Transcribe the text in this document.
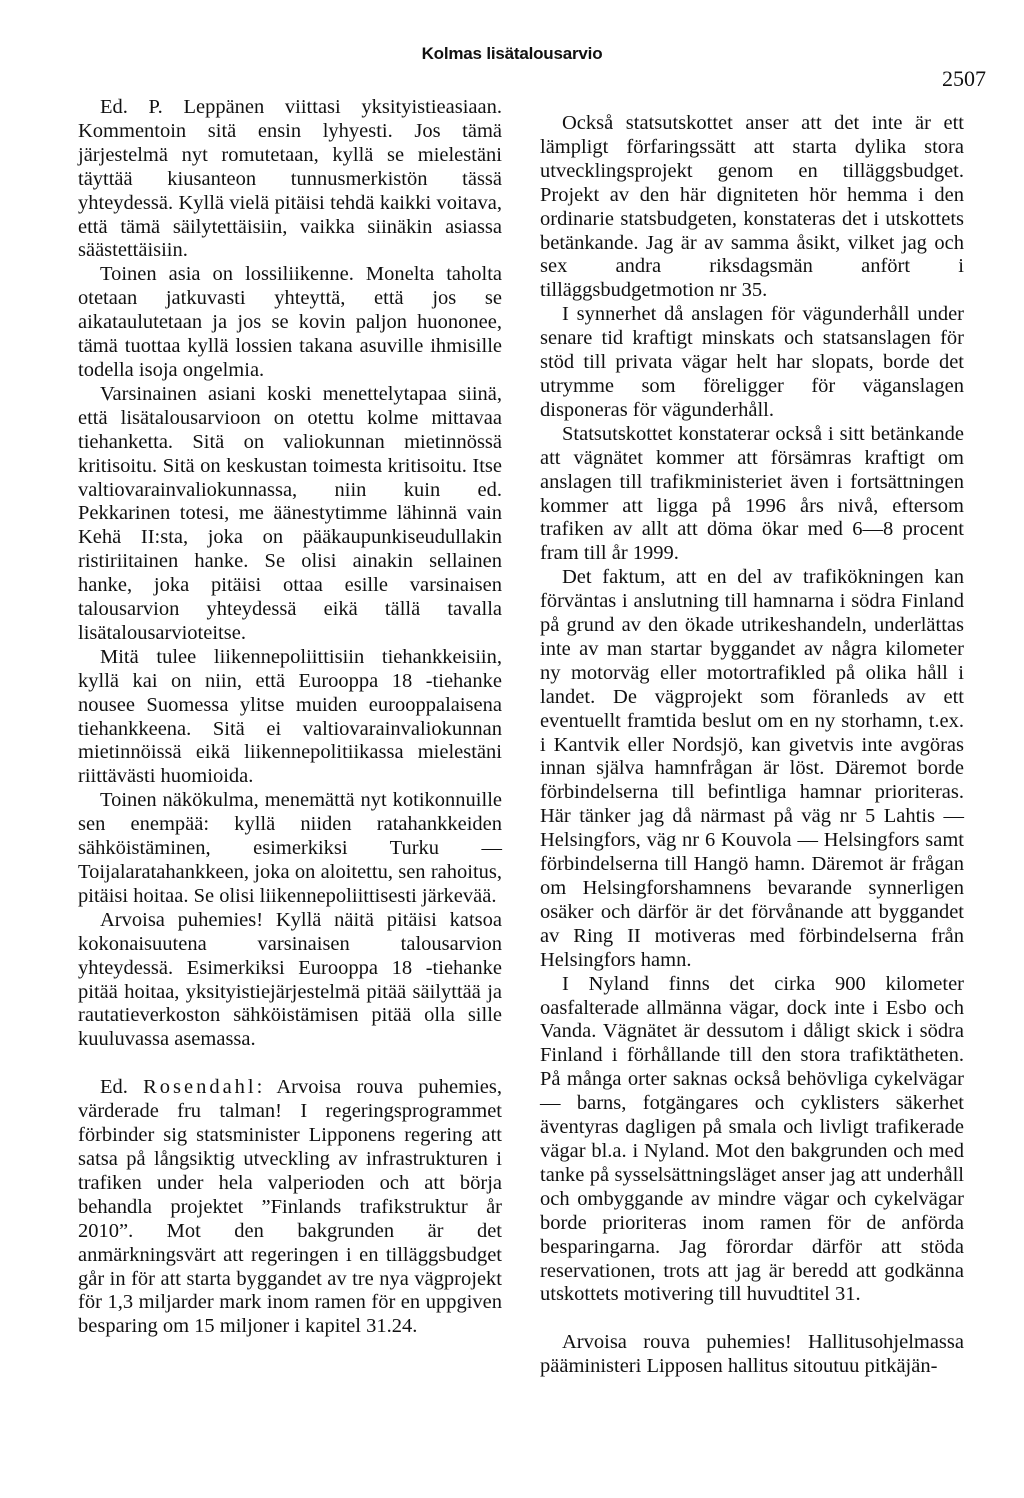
Kolmas lisätalousarvio
2507

Ed. P. Leppänen viittasi yksityistieasiaan. Kommentoin sitä ensin lyhyesti. Jos tämä järjestelmä nyt romutetaan, kyllä se mielestäni täyttää kiusanteon tunnusmerkistön tässä yhteydessä. Kyllä vielä pitäisi tehdä kaikki voitava, että tämä säilytettäisiin, vaikka siinäkin asiassa säästettäisiin.

Toinen asia on lossiliikenne. Monelta taholta otetaan jatkuvasti yhteyttä, että jos se aikataulutetaan ja jos se kovin paljon huononee, tämä tuottaa kyllä lossien takana asuville ihmisille todella isoja ongelmia.

Varsinainen asiani koski menettelytapaa siinä, että lisätalousarvioon on otettu kolme mittavaa tiehanketta. Sitä on valiokunnan mietinnössä kritisoitu. Sitä on keskustan toimesta kritisoitu. Itse valtiovarainvaliokunnassa, niin kuin ed. Pekkarinen totesi, me äänestytimme lähinnä vain Kehä II:sta, joka on pääkaupunkiseudullakin ristiriitainen hanke. Se olisi ainakin sellainen hanke, joka pitäisi ottaa esille varsinaisen talousarvion yhteydessä eikä tällä tavalla lisätalousarvioteitse.

Mitä tulee liikennepoliittisiin tiehankkeisiin, kyllä kai on niin, että Eurooppa 18 -tiehanke nousee Suomessa ylitse muiden eurooppalaisena tiehankkeena. Sitä ei valtiovarainvaliokunnan mietinnöissä eikä liikennepolitiikassa mielestäni riittävästi huomioida.

Toinen näkökulma, menemättä nyt kotikonnuille sen enempää: kyllä niiden ratahankkeiden sähköistäminen, esimerkiksi Turku — Toijalaratahankkeen, joka on aloitettu, sen rahoitus, pitäisi hoitaa. Se olisi liikennepoliittisesti järkevää.

Arvoisa puhemies! Kyllä näitä pitäisi katsoa kokonaisuutena varsinaisen talousarvion yhteydessä. Esimerkiksi Eurooppa 18 -tiehanke pitää hoitaa, yksityistiejärjestelmä pitää säilyttää ja rautatieverkoston sähköistämisen pitää olla sille kuuluvassa asemassa.

Ed. Rosendahl: Arvoisa rouva puhemies, värderade fru talman! I regeringsprogrammet förbinder sig statsminister Lipponens regering att satsa på långsiktig utveckling av infrastrukturen i trafiken under hela valperioden och att börja behandla projektet ”Finlands trafikstruktur år 2010”. Mot den bakgrunden är det anmärkningsvärt att regeringen i en tilläggsbudget går in för att starta byggandet av tre nya vägprojekt för 1,3 miljarder mark inom ramen för en uppgiven besparing om 15 miljoner i kapitel 31.24.

Också statsutskottet anser att det inte är ett lämpligt förfaringssätt att starta dylika stora utvecklingsprojekt genom en tilläggsbudget. Projekt av den här digniteten hör hemma i den ordinarie statsbudgeten, konstateras det i utskottets betänkande. Jag är av samma åsikt, vilket jag och sex andra riksdagsmän anfört i tilläggsbudgetmotion nr 35.

I synnerhet då anslagen för vägunderhåll under senare tid kraftigt minskats och statsanslagen för stöd till privata vägar helt har slopats, borde det utrymme som föreligger för väganslagen disponeras för vägunderhåll.

Statsutskottet konstaterar också i sitt betänkande att vägnätet kommer att försämras kraftigt om anslagen till trafikministeriet även i fortsättningen kommer att ligga på 1996 års nivå, eftersom trafiken av allt att döma ökar med 6—8 procent fram till år 1999.

Det faktum, att en del av trafikökningen kan förväntas i anslutning till hamnarna i södra Finland på grund av den ökade utrikeshandeln, underlättas inte av man startar byggandet av några kilometer ny motorväg eller motortrafikled på olika håll i landet. De vägprojekt som föranleds av ett eventuellt framtida beslut om en ny storhamn, t.ex. i Kantvik eller Nordsjö, kan givetvis inte avgöras innan själva hamnfrågan är löst. Däremot borde förbindelserna till befintliga hamnar prioriteras. Här tänker jag då närmast på väg nr 5 Lahtis — Helsingfors, väg nr 6 Kouvola — Helsingfors samt förbindelserna till Hangö hamn. Däremot är frågan om Helsingforshamnens bevarande synnerligen osäker och därför är det förvånande att byggandet av Ring II motiveras med förbindelserna från Helsingfors hamn.

I Nyland finns det cirka 900 kilometer oasfalterade allmänna vägar, dock inte i Esbo och Vanda. Vägnätet är dessutom i dåligt skick i södra Finland i förhållande till den stora trafiktätheten. På många orter saknas också behövliga cykelvägar — barns, fotgängares och cyklisters säkerhet äventyras dagligen på smala och livligt trafikerade vägar bl.a. i Nyland. Mot den bakgrunden och med tanke på sysselsättningsläget anser jag att underhåll och ombyggande av mindre vägar och cykelvägar borde prioriteras inom ramen för de anförda besparingarna. Jag förordar därför att stöda reservationen, trots att jag är beredd att godkänna utskottets motivering till huvudtitel 31.

Arvoisa rouva puhemies! Hallitusohjelmassa pääministeri Lipposen hallitus sitoutuu pitkäjän-
